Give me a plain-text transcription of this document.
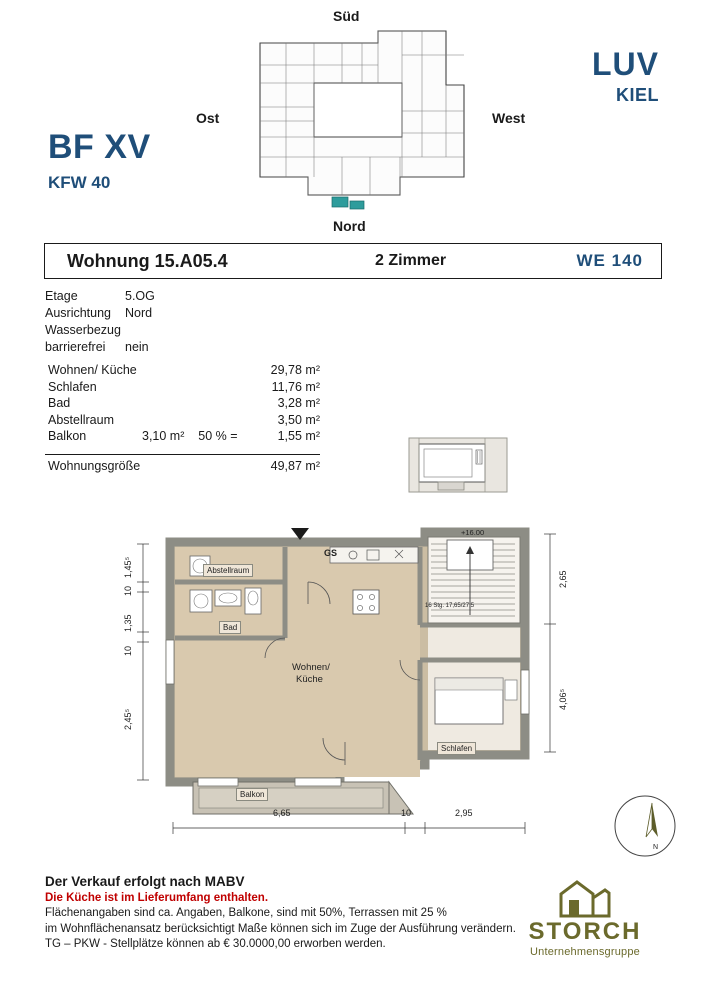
Süd
Ost	West
Nord
BF XV
KFW 40
LUV
KIEL
Wohnung 15.A05.4	2 Zimmer	WE 140
Etage	5.OG
Ausrichtung	Nord
Wasserbezug
barrierefrei	nein
Wohnen/ Küche	29,78 m²
Schlafen	11,76 m²
Bad	3,28 m²
Abstellraum	3,50 m²
Balkon	3,10 m²    50 % =	1,55 m²
Wohnungsgröße	49,87 m²
Abstellraum
Bad
Wohnen/
Küche
Schlafen
Balkon
GS
+16.00
16 Stg. 17,65/27,5
6,65	10	2,95
2,65
4,06⁵
1,45⁵
10
1,35
10
2,45⁵
N
Der Verkauf erfolgt nach MABV
Die Küche ist im Lieferumfang enthalten.
Flächenangaben sind ca. Angaben, Balkone, sind mit 50%, Terrassen mit 25 %
im Wohnflächenansatz berücksichtigt Maße können sich im Zuge der Ausführung verändern.
TG – PKW - Stellplätze können ab € 30.0000,00 erworben werden.	STORCH
Unternehmensgruppe
